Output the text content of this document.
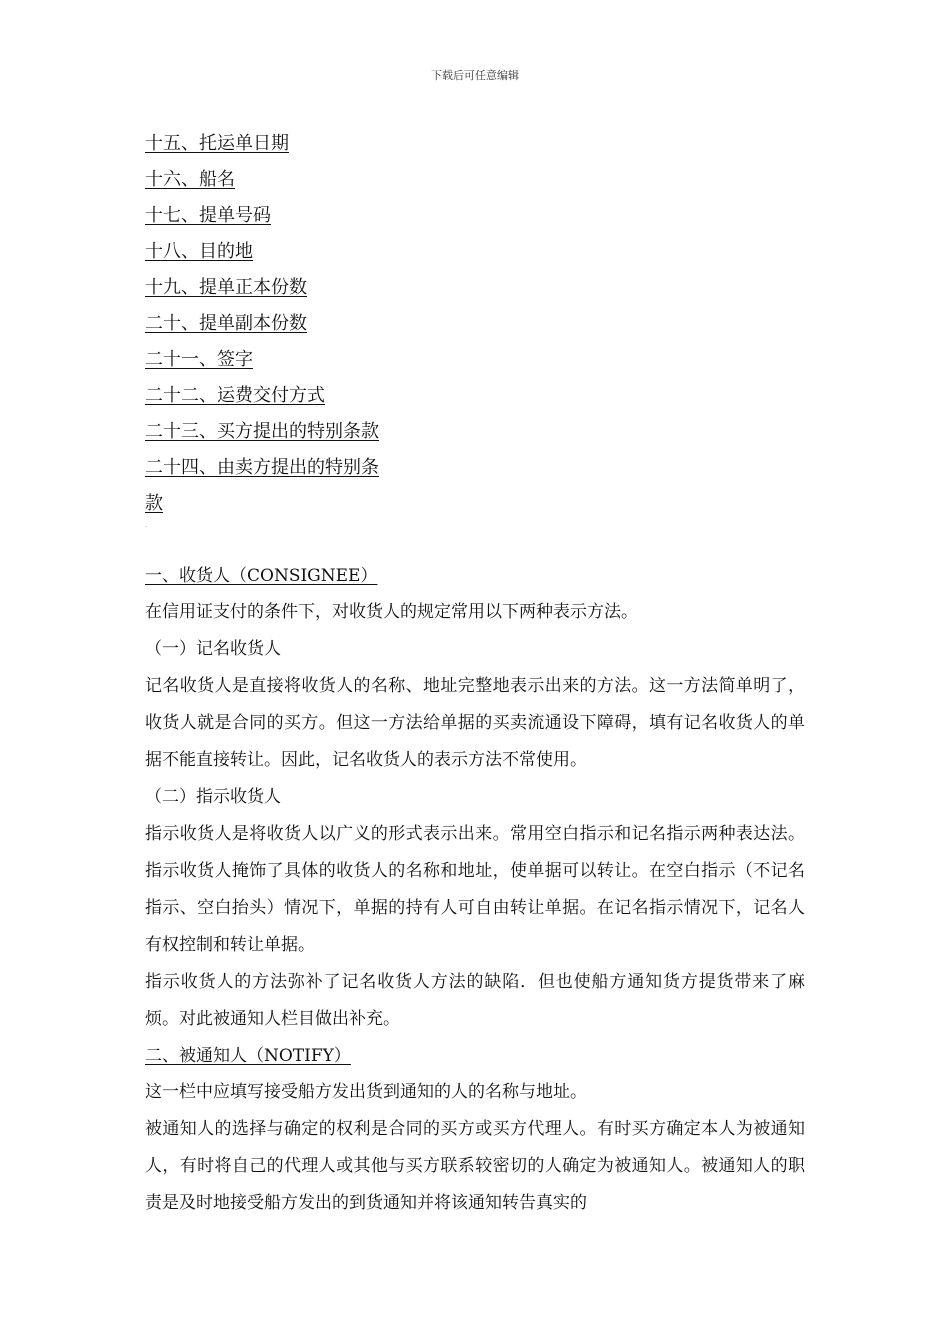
下载后可任意编辑
十五、托运单日期
十六、船名
十七、提单号码
十八、目的地
十九、提单正本份数
二十、提单副本份数
二十一、签字
二十二、运费交付方式
二十三、买方提出的特别条款
二十四、由卖方提出的特别条
款
·
一、收货人（CONSIGNEE）

在信用证支付的条件下，对收货人的规定常用以下两种表示方法。

（一）记名收货人

记名收货人是直接将收货人的名称、地址完整地表示出来的方法。这一方法简单明了，收货人就是合同的买方。但这一方法给单据的买卖流通设下障碍，填有记名收货人的单据不能直接转让。因此，记名收货人的表示方法不常使用。

（二）指示收货人

指示收货人是将收货人以广义的形式表示出来。常用空白指示和记名指示两种表达法。指示收货人掩饰了具体的收货人的名称和地址，使单据可以转让。在空白指示（不记名指示、空白抬头）情况下，单据的持有人可自由转让单据。在记名指示情况下，记名人有权控制和转让单据。

指示收货人的方法弥补了记名收货人方法的缺陷．但也使船方通知货方提货带来了麻烦。对此被通知人栏目做出补充。

二、被通知人（NOTIFY）

这一栏中应填写接受船方发出货到通知的人的名称与地址。

被通知人的选择与确定的权利是合同的买方或买方代理人。有时买方确定本人为被通知人，有时将自己的代理人或其他与买方联系较密切的人确定为被通知人。被通知人的职责是及时地接受船方发出的到货通知并将该通知转告真实的
